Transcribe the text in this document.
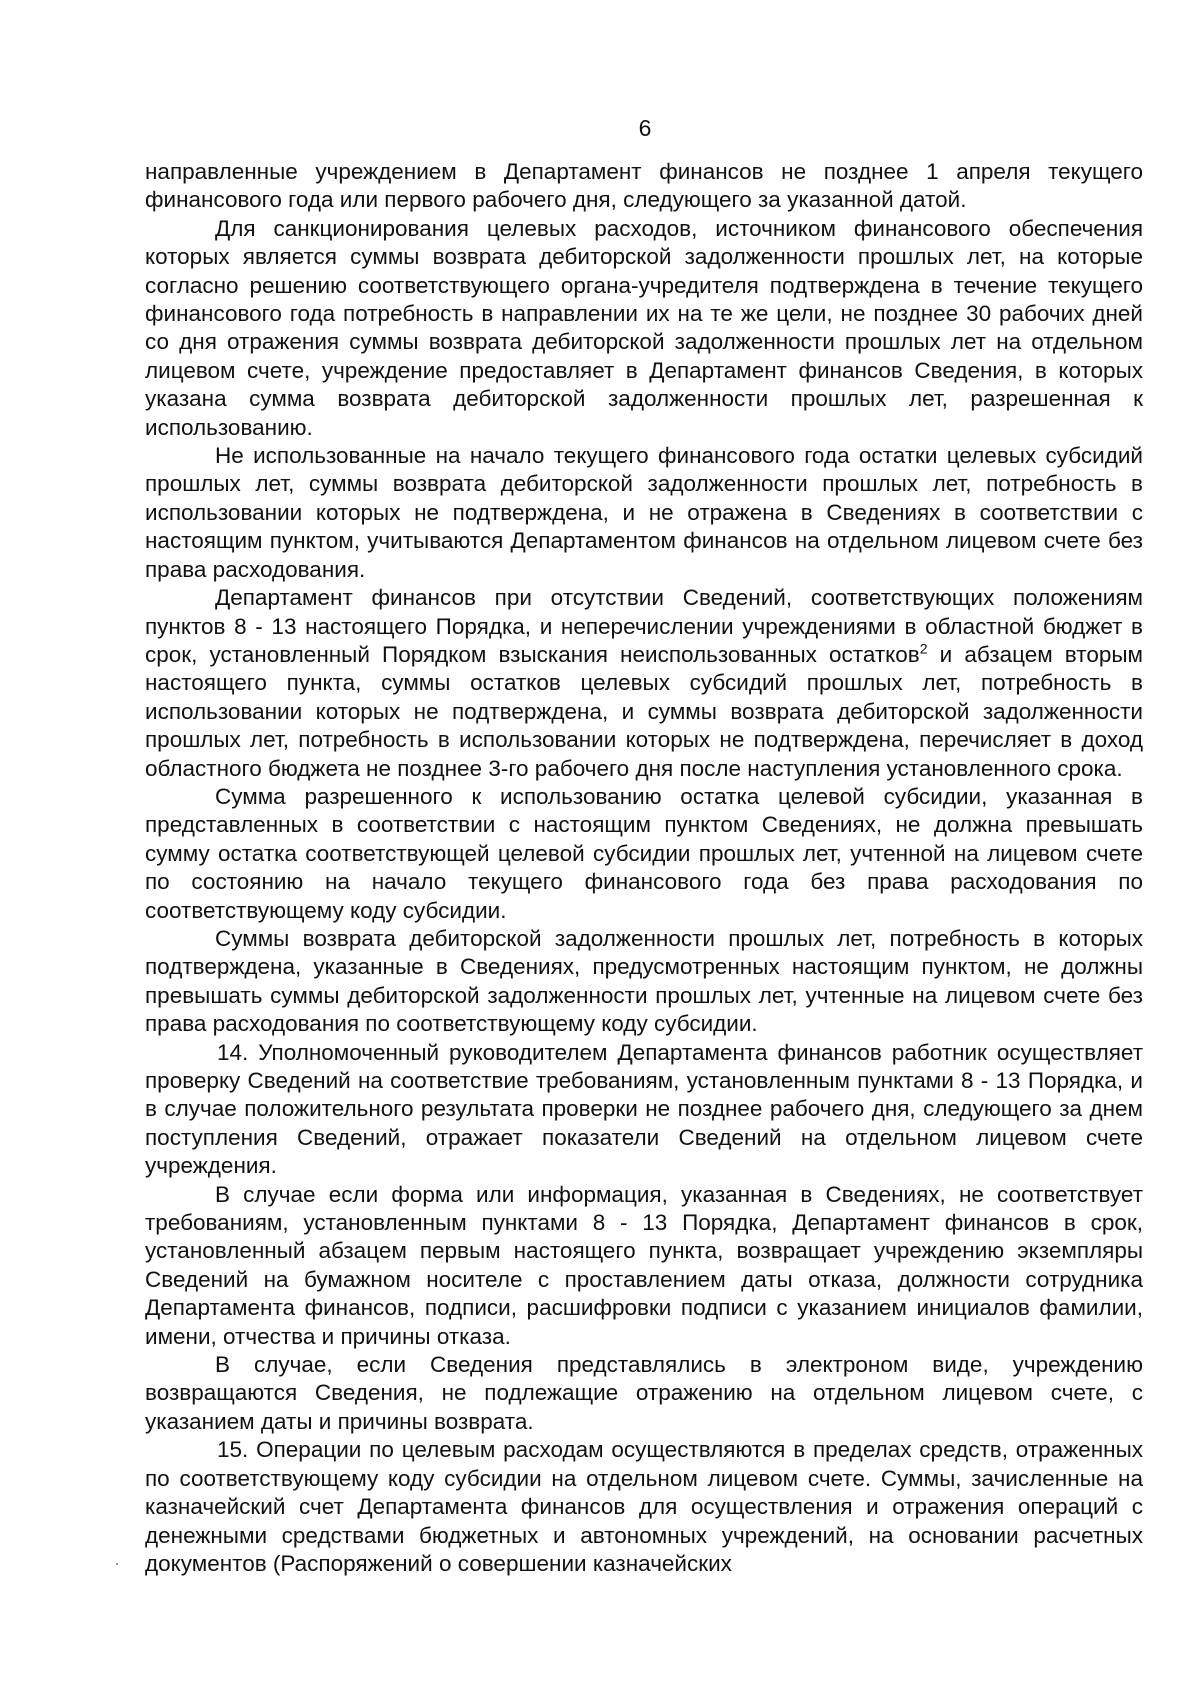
6

направленные учреждением в Департамент финансов не позднее 1 апреля текущего финансового года или первого рабочего дня, следующего за указанной датой.

Для санкционирования целевых расходов, источником финансового обеспечения которых является суммы возврата дебиторской задолженности прошлых лет, на которые согласно решению соответствующего органа-учредителя подтверждена в течение текущего финансового года потребность в направлении их на те же цели, не позднее 30 рабочих дней со дня отражения суммы возврата дебиторской задолженности прошлых лет на отдельном лицевом счете, учреждение предоставляет в Департамент финансов Сведения, в которых указана сумма возврата дебиторской задолженности прошлых лет, разрешенная к использованию.

Не использованные на начало текущего финансового года остатки целевых субсидий прошлых лет, суммы возврата дебиторской задолженности прошлых лет, потребность в использовании которых не подтверждена, и не отражена в Сведениях в соответствии с настоящим пунктом, учитываются Департаментом финансов на отдельном лицевом счете без права расходования.

Департамент финансов при отсутствии Сведений, соответствующих положениям пунктов 8 - 13 настоящего Порядка, и неперечислении учреждениями в областной бюджет в срок, установленный Порядком взыскания неиспользованных остатков$^2$ и абзацем вторым настоящего пункта, суммы остатков целевых субсидий прошлых лет, потребность в использовании которых не подтверждена, и суммы возврата дебиторской задолженности прошлых лет, потребность в использовании которых не подтверждена, перечисляет в доход областного бюджета не позднее 3-го рабочего дня после наступления установленного срока.

Сумма разрешенного к использованию остатка целевой субсидии, указанная в представленных в соответствии с настоящим пунктом Сведениях, не должна превышать сумму остатка соответствующей целевой субсидии прошлых лет, учтенной на лицевом счете по состоянию на начало текущего финансового года без права расходования по соответствующему коду субсидии.

Суммы возврата дебиторской задолженности прошлых лет, потребность в которых подтверждена, указанные в Сведениях, предусмотренных настоящим пунктом, не должны превышать суммы дебиторской задолженности прошлых лет, учтенные на лицевом счете без права расходования по соответствующему коду субсидии.

14. Уполномоченный руководителем Департамента финансов работник осуществляет проверку Сведений на соответствие требованиям, установленным пунктами 8 - 13 Порядка, и в случае положительного результата проверки не позднее рабочего дня, следующего за днем поступления Сведений, отражает показатели Сведений на отдельном лицевом счете учреждения.

В случае если форма или информация, указанная в Сведениях, не соответствует требованиям, установленным пунктами 8 - 13 Порядка, Департамент финансов в срок, установленный абзацем первым настоящего пункта, возвращает учреждению экземпляры Сведений на бумажном носителе с проставлением даты отказа, должности сотрудника Департамента финансов, подписи, расшифровки подписи с указанием инициалов фамилии, имени, отчества и причины отказа.

В случае, если Сведения представлялись в электроном виде, учреждению возвращаются Сведения, не подлежащие отражению на отдельном лицевом счете, с указанием даты и причины возврата.

15. Операции по целевым расходам осуществляются в пределах средств, отраженных по соответствующему коду субсидии на отдельном лицевом счете. Суммы, зачисленные на казначейский счет Департамента финансов для осуществления и отражения операций с денежными средствами бюджетных и автономных учреждений, на основании расчетных документов (Распоряжений о совершении казначейских
